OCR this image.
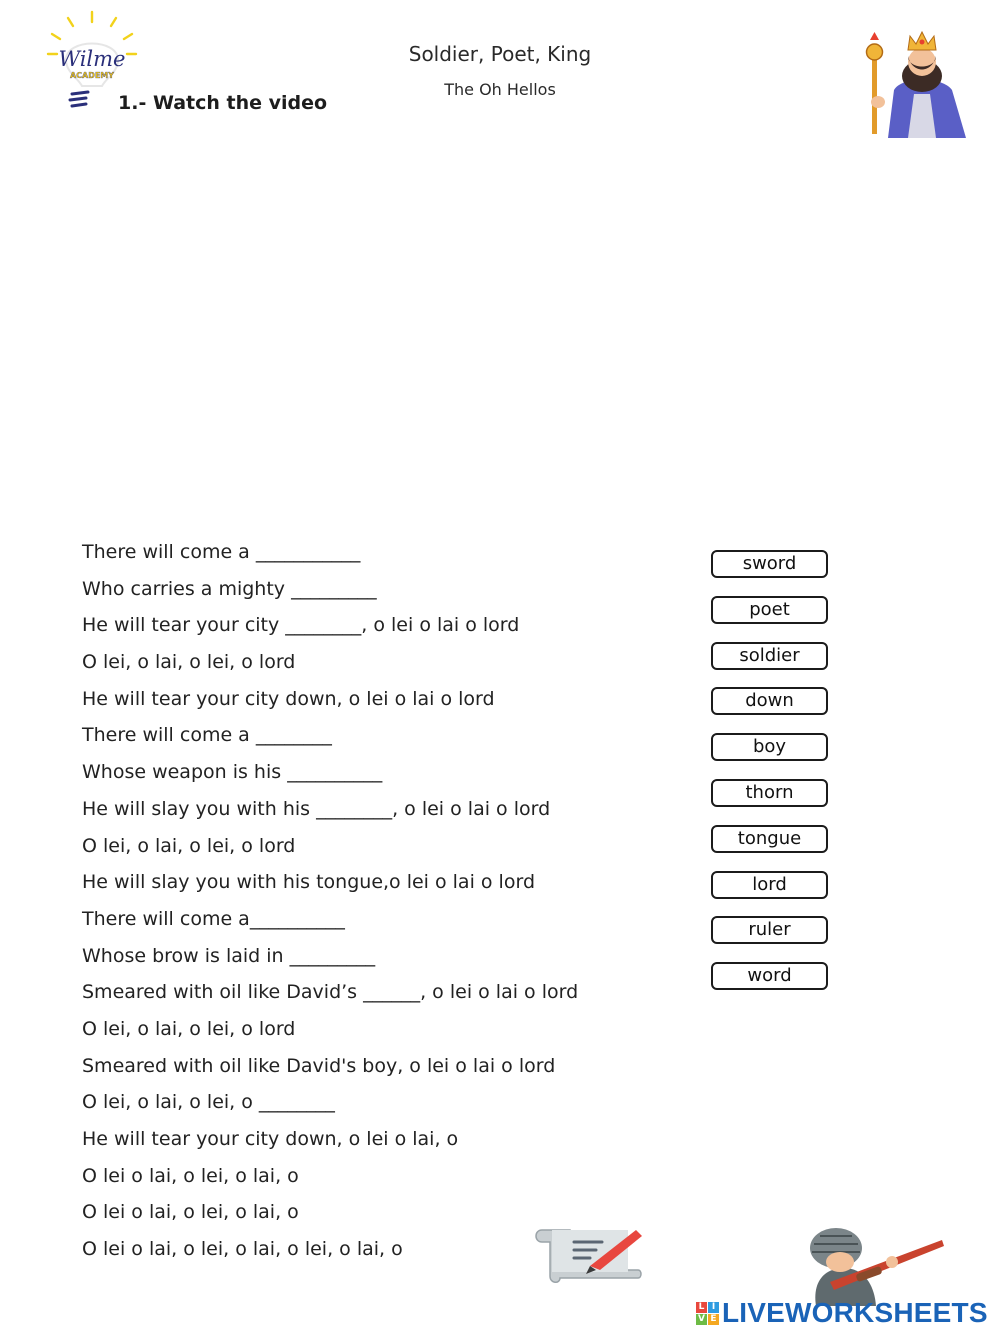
Wilme
ACADEMY
1.- Watch the video
Soldier, Poet, King
The Oh Hellos
There will come a ___________
Who carries a mighty _________
He will tear your city ________, o lei o lai o lord
O lei, o lai, o lei, o lord
He will tear your city down, o lei o lai o lord
There will come a ________
Whose weapon is his __________
He will slay you with his ________, o lei o lai o lord
O lei, o lai, o lei, o lord
He will slay you with his tongue,o lei o lai o lord
There will come a__________
Whose brow is laid in _________
Smeared with oil like David’s ______, o lei o lai o lord
O lei, o lai, o lei, o lord
Smeared with oil like David's boy, o lei o lai o lord
O lei, o lai, o lei, o ________
He will tear your city down, o lei o lai, o
O lei o lai, o lei, o lai, o
O lei o lai, o lei, o lai, o
O lei o lai, o lei, o lai, o lei, o lai, o
sword
poet
soldier
down
boy
thorn
tongue
lord
ruler
word
L I
V E LIVEWORKSHEETS
